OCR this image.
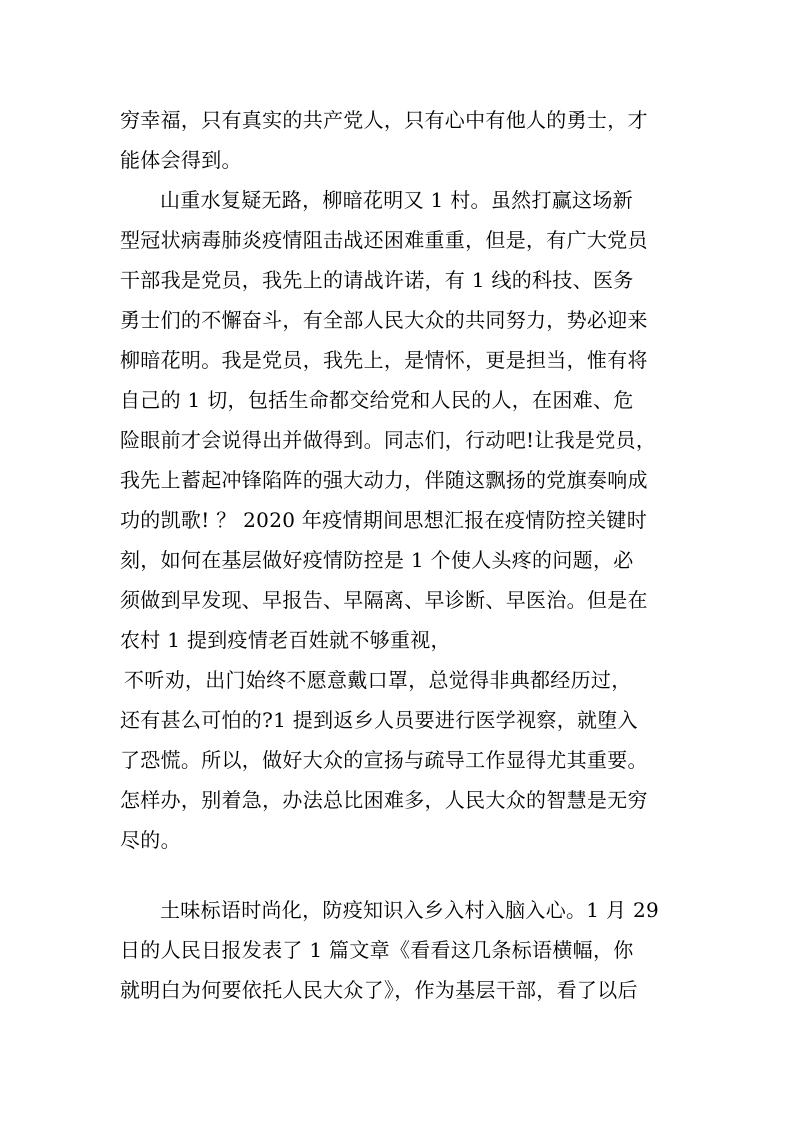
穷幸福，只有真实的共产党人，只有心中有他人的勇士，才
能体会得到。
山重水复疑无路，柳暗花明又 1 村。虽然打赢这场新
型冠状病毒肺炎疫情阻击战还困难重重，但是，有广大党员
干部我是党员，我先上的请战许诺，有 1 线的科技、医务
勇士们的不懈奋斗，有全部人民大众的共同努力，势必迎来
柳暗花明。我是党员，我先上，是情怀，更是担当，惟有将
自己的 1 切，包括生命都交给党和人民的人，在困难、危
险眼前才会说得出并做得到。同志们，行动吧!让我是党员，
我先上蓄起冲锋陷阵的强大动力，伴随这飘扬的党旗奏响成
功的凯歌! ？ 2020 年疫情期间思想汇报在疫情防控关键时
刻，如何在基层做好疫情防控是 1 个使人头疼的问题，必
须做到早发现、早报告、早隔离、早诊断、早医治。但是在
农村 1 提到疫情老百姓就不够重视，
不听劝，出门始终不愿意戴口罩，总觉得非典都经历过，
还有甚么可怕的?1 提到返乡人员要进行医学视察，就堕入
了恐慌。所以，做好大众的宣扬与疏导工作显得尤其重要。
怎样办，别着急，办法总比困难多，人民大众的智慧是无穷
尽的。
土味标语时尚化，防疫知识入乡入村入脑入心。1 月 29
日的人民日报发表了 1 篇文章《看看这几条标语横幅，你
就明白为何要依托人民大众了》，作为基层干部，看了以后
